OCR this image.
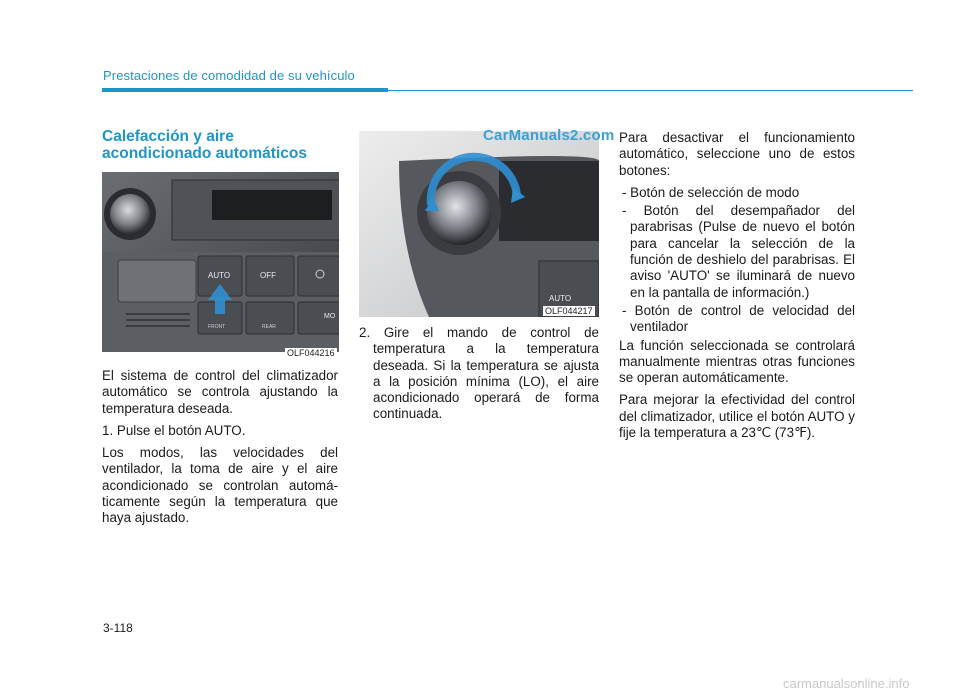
Prestaciones de comodidad de su vehículo
Calefacción y aire acondicionado automáticos
AUTO	OFF
FRONT	REAR
MO
OLF044216

El sistema de control del climatizador automático se controla ajustando la temperatura deseada.

1. Pulse el botón AUTO.

Los modos, las velocidades del ventilador, la toma de aire y el aire acondicionado se controlan automá-ticamente según la temperatura que haya ajustado.

AUTO
CarManuals2.com
OLF044217

2. Gire el mando de control de temperatura a la temperatura deseada. Si la temperatura se ajusta a la posición mínima (LO), el aire acondicionado operará de forma continuada.

Para desactivar el funcionamiento automático, seleccione uno de estos botones:

- Botón de selección de modo

- Botón del desempañador del parabrisas (Pulse de nuevo el botón para cancelar la selección de la función de deshielo del parabrisas. El aviso 'AUTO' se iluminará de nuevo en la pantalla de información.)

- Botón de control de velocidad del ventilador

La función seleccionada se controlará manualmente mientras otras funciones se operan automáticamente.

Para mejorar la efectividad del control del climatizador, utilice el botón AUTO y fije la temperatura a 23℃ (73℉).

3-118
carmanualsonline.info
